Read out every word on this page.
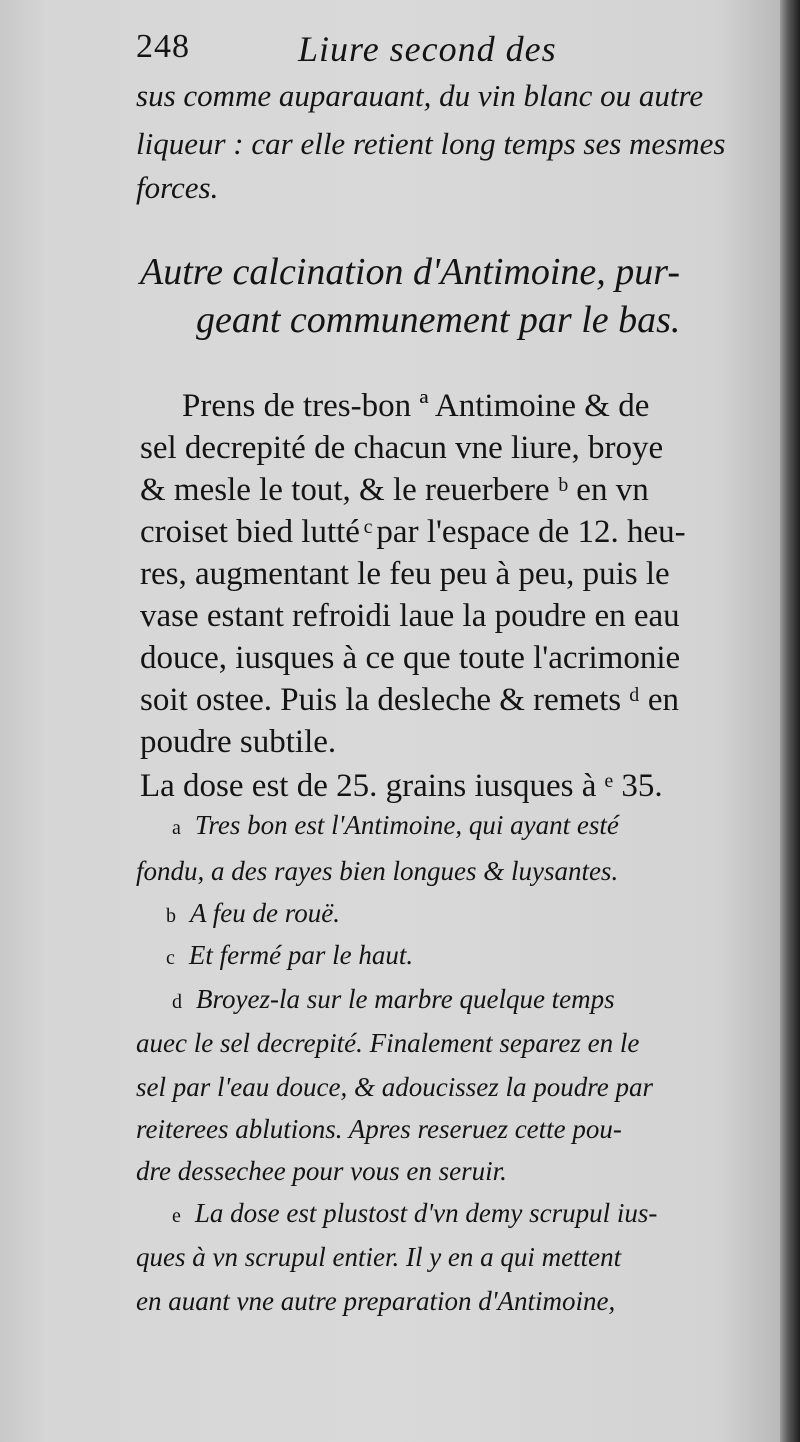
248	Liure second des
sus comme auparauant, du vin blanc ou autre
liqueur : car elle retient long temps ses mesmes
forces.
Autre calcination d'Antimoine, pur-
geant communement par le bas.
Prens de tres-bon ª Antimoine & de
sel decrepité de chacun vne liure, broye
& mesle le tout, & le reuerbere ᵇ en vn
croiset bied lutté ͨ par l'espace de 12. heu-
res, augmentant le feu peu à peu, puis le
vase estant refroidi laue la poudre en eau
douce, iusques à ce que toute l'acrimonie
soit ostee. Puis la desleche & remets ᵈ en
poudre subtile.
La dose est de 25. grains iusques à ᵉ 35.
a Tres bon est l'Antimoine, qui ayant esté
fondu, a des rayes bien longues & luysantes.
b A feu de rouë.
c Et fermé par le haut.
d Broyez-la sur le marbre quelque temps
auec le sel decrepité. Finalement separez en le
sel par l'eau douce, & adoucissez la poudre par
reiterees ablutions. Apres reseruez cette pou-
dre dessechee pour vous en seruir.
e La dose est plustost d'vn demy scrupul ius-
ques à vn scrupul entier. Il y en a qui mettent
en auant vne autre preparation d'Antimoine,
